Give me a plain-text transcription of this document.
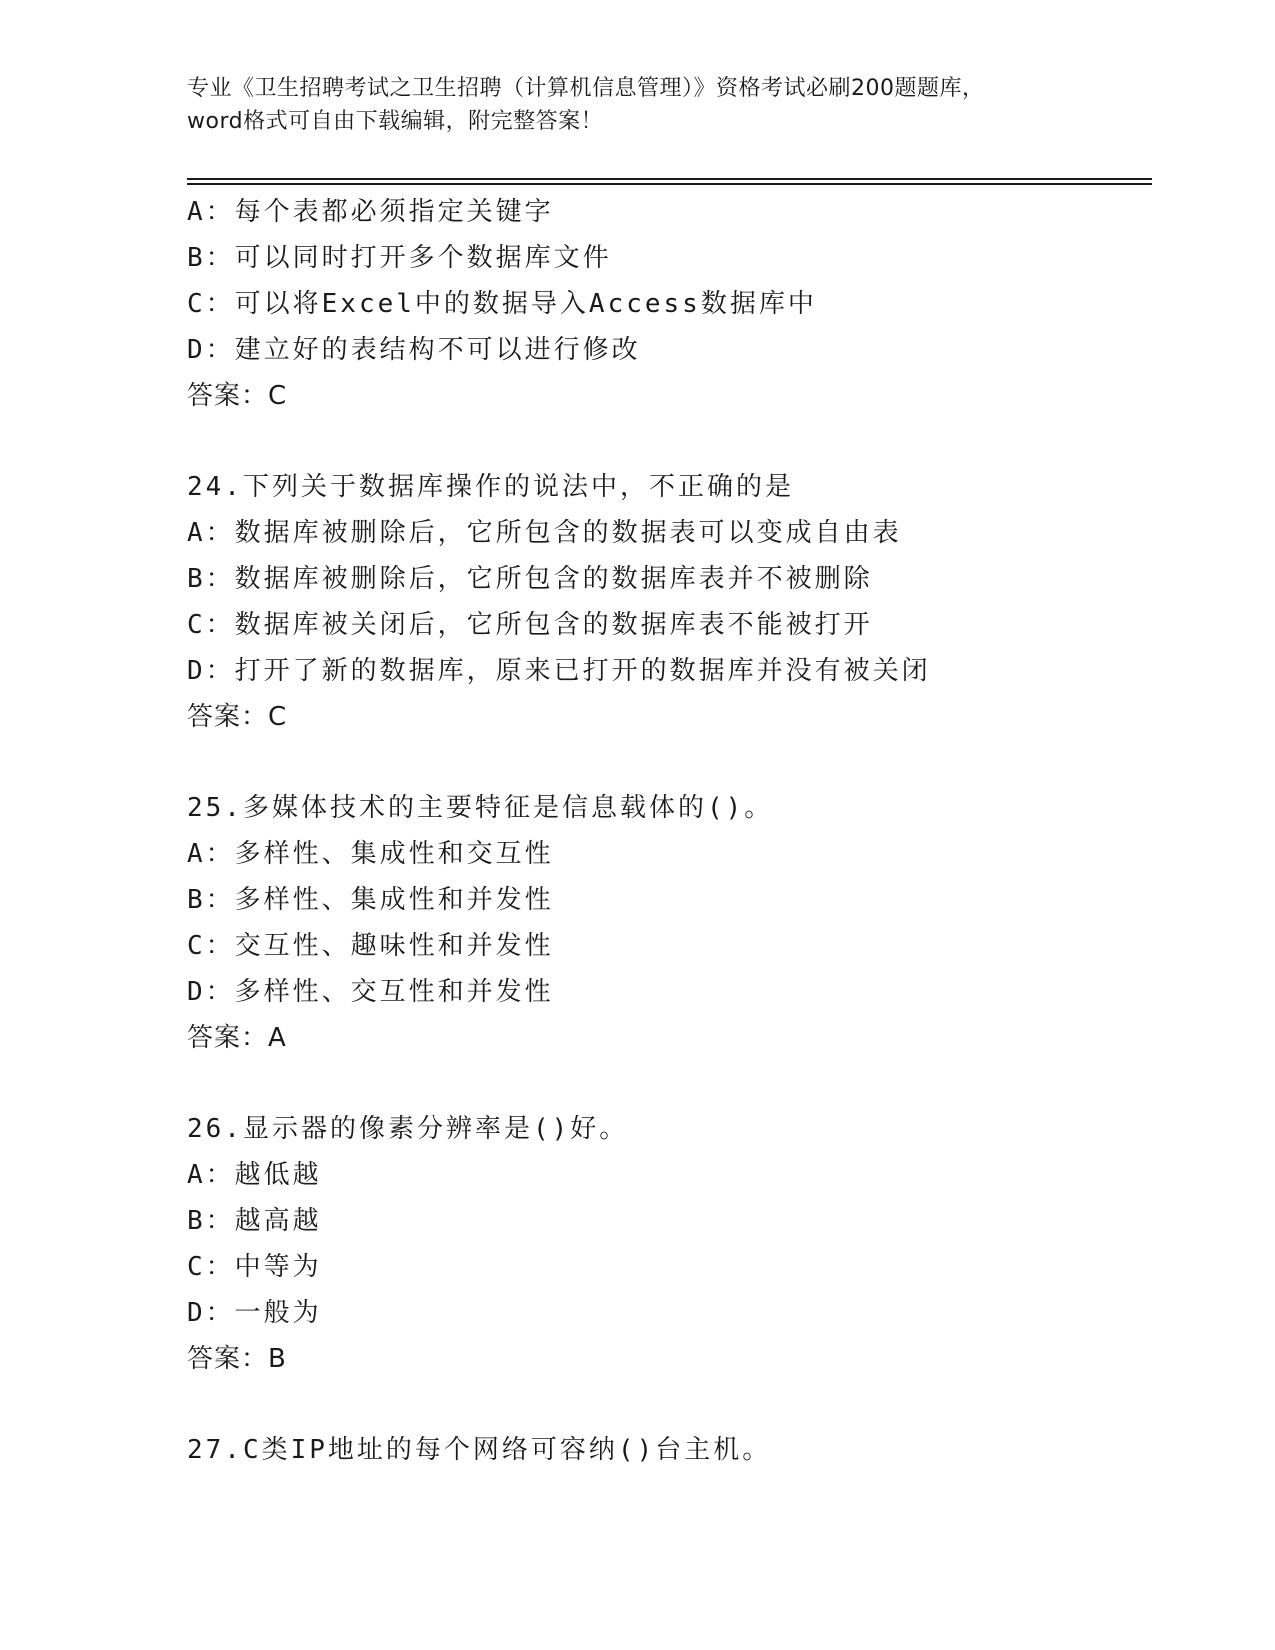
专业《卫生招聘考试之卫生招聘（计算机信息管理）》资格考试必刷200题题库，
word格式可自由下载编辑，附完整答案！
A：每个表都必须指定关键字
B：可以同时打开多个数据库文件
C：可以将Excel中的数据导入Access数据库中
D：建立好的表结构不可以进行修改
答案：C
24.下列关于数据库操作的说法中，不正确的是
A：数据库被删除后，它所包含的数据表可以变成自由表
B：数据库被删除后，它所包含的数据库表并不被删除
C：数据库被关闭后，它所包含的数据库表不能被打开
D：打开了新的数据库，原来已打开的数据库并没有被关闭
答案：C
25.多媒体技术的主要特征是信息载体的()。
A：多样性、集成性和交互性
B：多样性、集成性和并发性
C：交互性、趣味性和并发性
D：多样性、交互性和并发性
答案：A
26.显示器的像素分辨率是()好。
A：越低越
B：越高越
C：中等为
D：一般为
答案：B
27.C类IP地址的每个网络可容纳()台主机。
